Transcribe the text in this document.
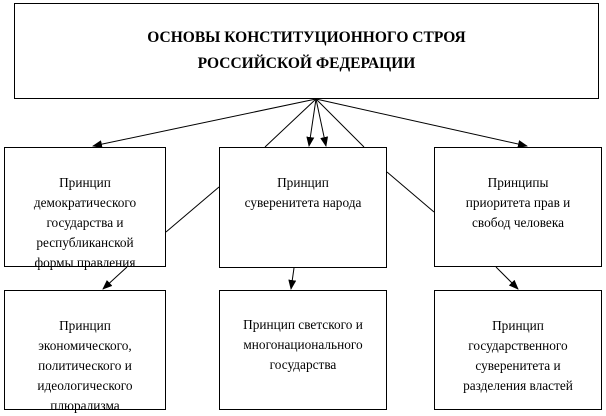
ОСНОВЫ КОНСТИТУЦИОННОГО СТРОЯ
РОССИЙСКОЙ ФЕДЕРАЦИИ

Принцип
демократического
государства и
республиканской
формы правления

Принцип
суверенитета народа

Принципы
приоритета прав и
свобод человека

Принцип
экономического,
политического и
идеологического
плюрализма

Принцип светского и
многонационального
государства

Принцип
государственного
суверенитета и
разделения властей
